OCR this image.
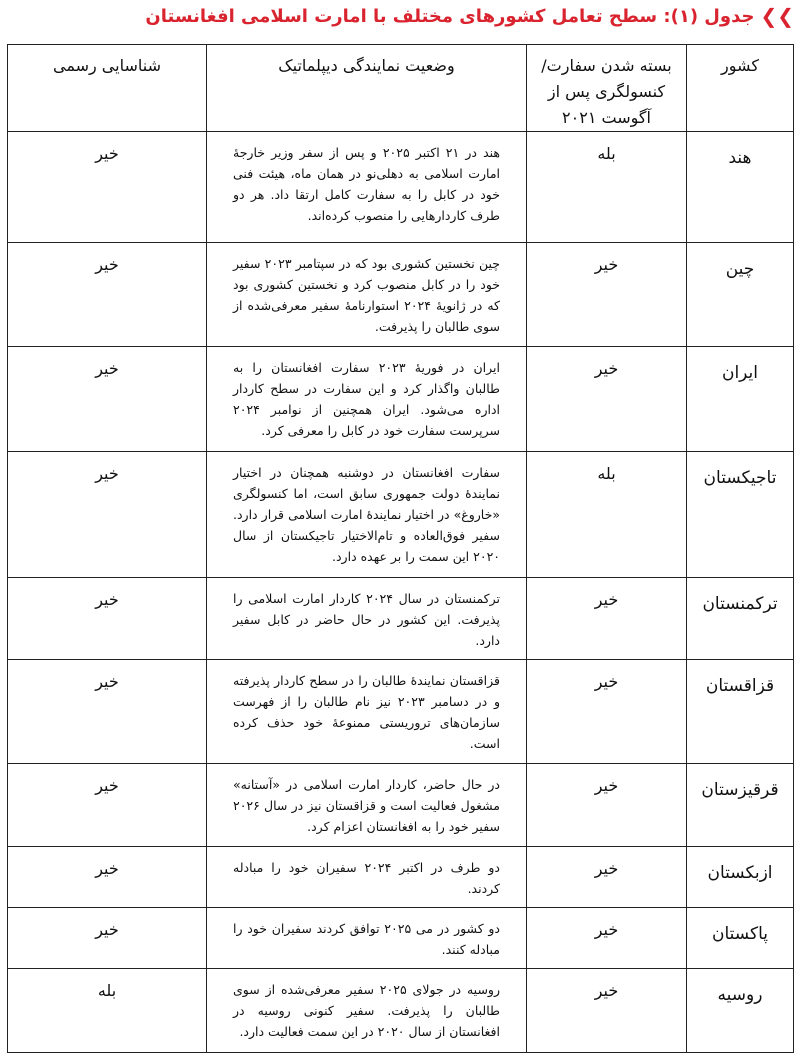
❯❯
جدول (۱): سطح تعامل کشورهای مختلف با امارت اسلامی افغانستان
کشور	بسته شدن سفارت/کنسولگری پس از آگوست ۲۰۲۱	وضعیت نمایندگی دیپلماتیک	شناسایی رسمی
هند	بله	هند در ۲۱ اکتبر ۲۰۲۵ و پس از سفر وزیر خارجهٔ امارت اسلامی به دهلی‌نو در همان ماه، هیئت فنی خود در کابل را به سفارت کامل ارتقا داد. هر دو طرف کاردارهایی را منصوب کرده‌اند.	خیر
چین	خیر	چین نخستین کشوری بود که در سپتامبر ۲۰۲۳ سفیر خود را در کابل منصوب کرد و نخستین کشوری بود که در ژانویهٔ ۲۰۲۴ استوارنامهٔ سفیر معرفی‌شده از سوی طالبان را پذیرفت.	خیر
ایران	خیر	ایران در فوریهٔ ۲۰۲۳ سفارت افغانستان را به طالبان واگذار کرد و این سفارت در سطح کاردار اداره می‌شود. ایران همچنین از نوامبر ۲۰۲۴ سرپرست سفارت خود در کابل را معرفی کرد.	خیر
تاجیکستان	بله	سفارت افغانستان در دوشنبه همچنان در اختیار نمایندهٔ دولت جمهوری سابق است، اما کنسولگری «خاروغ» در اختیار نمایندهٔ امارت اسلامی قرار دارد. سفیر فوق‌العاده و تام‌الاختیار تاجیکستان از سال ۲۰۲۰ این سمت را بر عهده دارد.	خیر
ترکمنستان	خیر	ترکمنستان در سال ۲۰۲۴ کاردار امارت اسلامی را پذیرفت. این کشور در حال حاضر در کابل سفیر دارد.	خیر
قزاقستان	خیر	قزاقستان نمایندهٔ طالبان را در سطح کاردار پذیرفته و در دسامبر ۲۰۲۳ نیز نام طالبان را از فهرست سازمان‌های تروریستی ممنوعهٔ خود حذف کرده است.	خیر
قرقیزستان	خیر	در حال حاضر، کاردار امارت اسلامی در «آستانه» مشغول فعالیت است و قزاقستان نیز در سال ۲۰۲۶ سفیر خود را به افغانستان اعزام کرد.	خیر
ازبکستان	خیر	دو طرف در اکتبر ۲۰۲۴ سفیران خود را مبادله کردند.	خیر
پاکستان	خیر	دو کشور در می ۲۰۲۵ توافق کردند سفیران خود را مبادله کنند.	خیر
روسیه	خیر	روسیه در جولای ۲۰۲۵ سفیر معرفی‌شده از سوی طالبان را پذیرفت. سفیر کنونی روسیه در افغانستان از سال ۲۰۲۰ در این سمت فعالیت دارد.	بله
